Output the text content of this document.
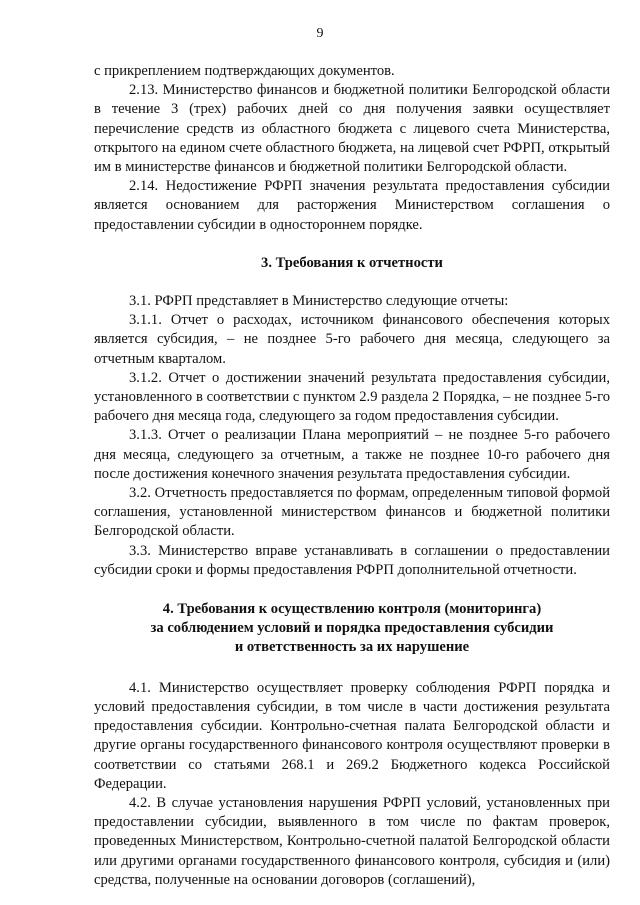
9

с прикреплением подтверждающих документов.

2.13. Министерство финансов и бюджетной политики Белгородской области в течение 3 (трех) рабочих дней со дня получения заявки осуществляет перечисление средств из областного бюджета с лицевого счета Министерства, открытого на едином счете областного бюджета, на лицевой счет РФРП, открытый им в министерстве финансов и бюджетной политики Белгородской области.

2.14. Недостижение РФРП значения результата предоставления субсидии является основанием для расторжения Министерством соглашения о предоставлении субсидии в одностороннем порядке.

3. Требования к отчетности

3.1. РФРП представляет в Министерство следующие отчеты:

3.1.1. Отчет о расходах, источником финансового обеспечения которых является субсидия, – не позднее 5-го рабочего дня месяца, следующего за отчетным кварталом.

3.1.2. Отчет о достижении значений результата предоставления субсидии, установленного в соответствии с пунктом 2.9 раздела 2 Порядка, – не позднее 5-го рабочего дня месяца года, следующего за годом предоставления субсидии.

3.1.3. Отчет о реализации Плана мероприятий – не позднее 5-го рабочего дня месяца, следующего за отчетным, а также не позднее 10-го рабочего дня после достижения конечного значения результата предоставления субсидии.

3.2. Отчетность предоставляется по формам, определенным типовой формой соглашения, установленной министерством финансов и бюджетной политики Белгородской области.

3.3. Министерство вправе устанавливать в соглашении о предоставлении субсидии сроки и формы предоставления РФРП дополнительной отчетности.

4. Требования к осуществлению контроля (мониторинга)
за соблюдением условий и порядка предоставления субсидии
и ответственность за их нарушение

4.1. Министерство осуществляет проверку соблюдения РФРП порядка и условий предоставления субсидии, в том числе в части достижения результата предоставления субсидии. Контрольно-счетная палата Белгородской области и другие органы государственного финансового контроля осуществляют проверки в соответствии со статьями 268.1 и 269.2 Бюджетного кодекса Российской Федерации.

4.2. В случае установления нарушения РФРП условий, установленных при предоставлении субсидии, выявленного в том числе по фактам проверок, проведенных Министерством, Контрольно-счетной палатой Белгородской области или другими органами государственного финансового контроля, субсидия и (или) средства, полученные на основании договоров (соглашений),
